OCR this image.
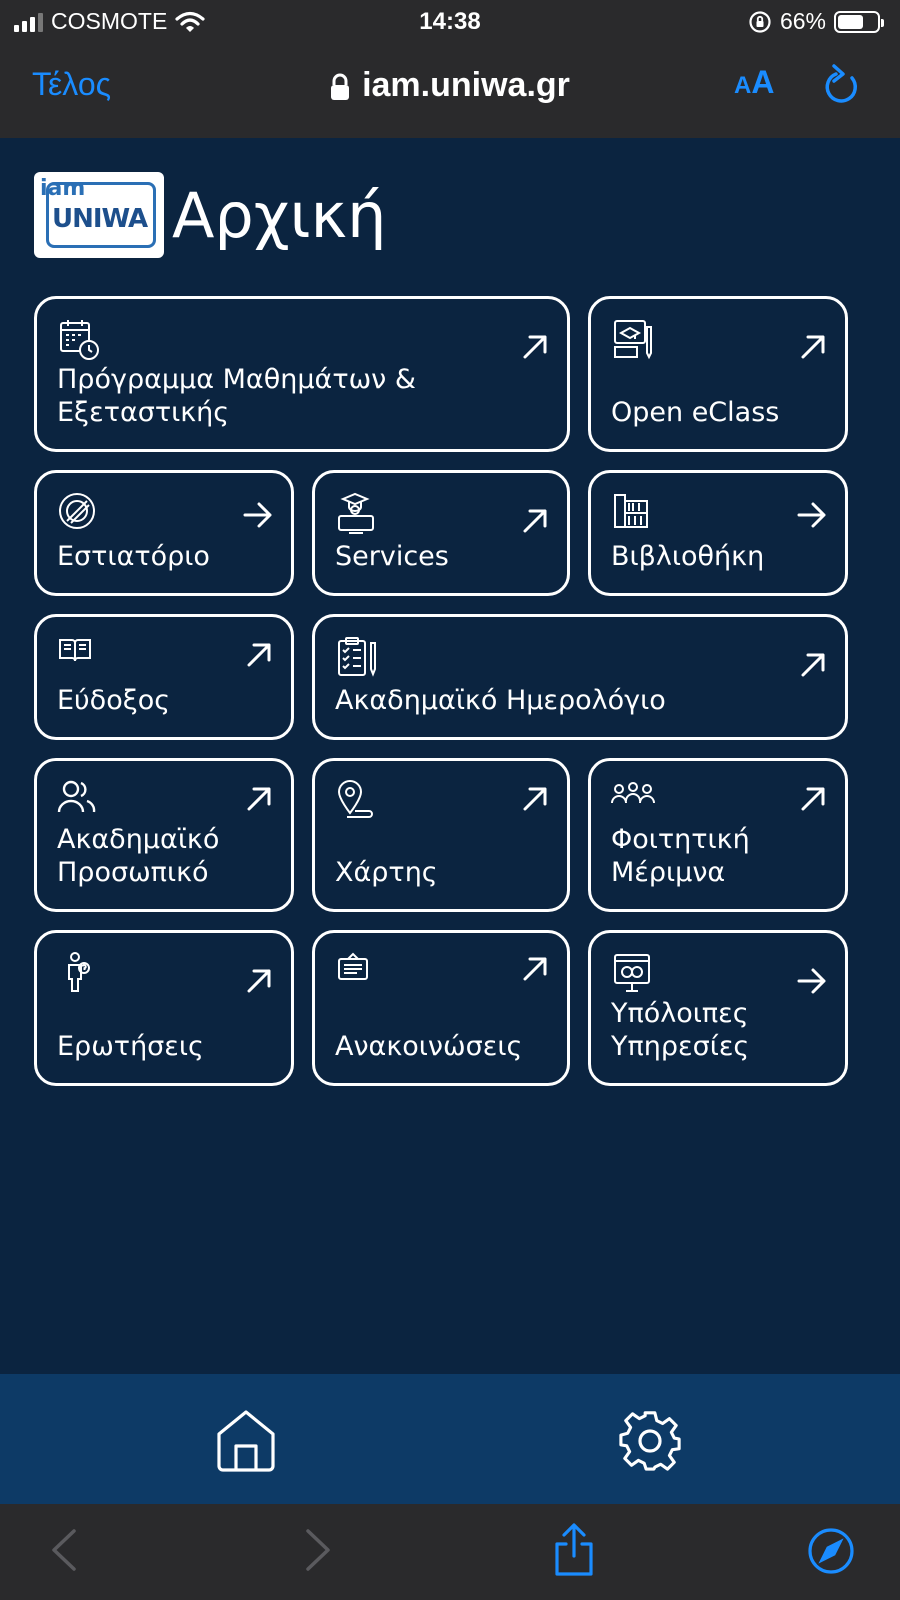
COSMOTE	14:38	66%
Τέλος	iam.uniwa.gr	AA
iam
UNIWA Αρχική
Πρόγραμμα Μαθημάτων & Εξεταστικής	Open eClass
Εστιατόριο	Services	Βιβλιοθήκη
Εύδοξος	Ακαδημαϊκό Ημερολόγιο
Ακαδημαϊκό Προσωπικό	Χάρτης
Φοιτητική Μέριμνα
Ερωτήσεις	Ανακοινώσεις
Υπόλοιπες Υπηρεσίες
